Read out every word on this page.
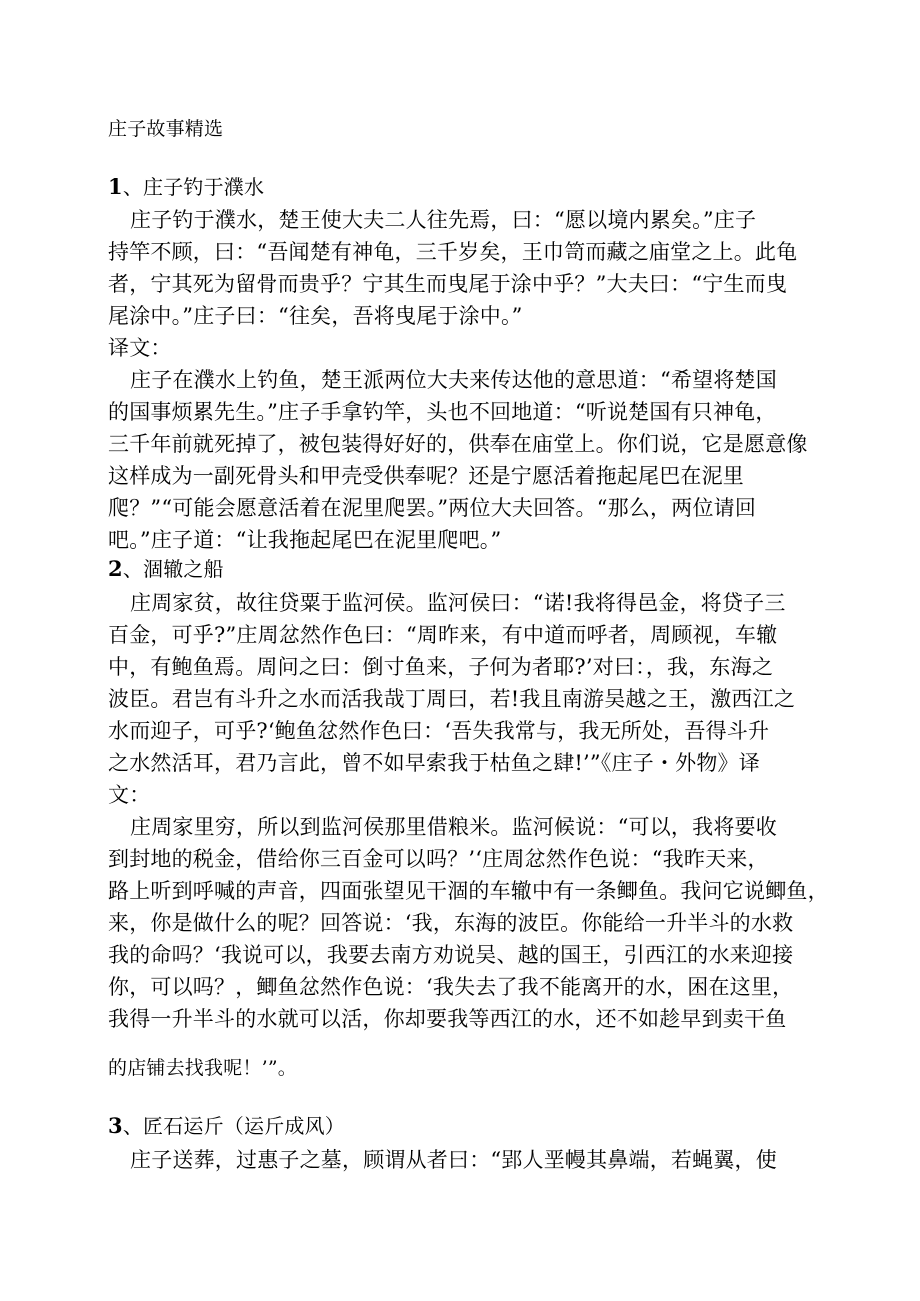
庄子故事精选
1、庄子钓于濮水
庄子钓于濮水，楚王使大夫二人往先焉，曰：“愿以境内累矣。”庄子
持竿不顾，曰：“吾闻楚有神龟，三千岁矣，王巾笥而藏之庙堂之上。此龟
者，宁其死为留骨而贵乎？宁其生而曳尾于涂中乎？”大夫曰：“宁生而曳
尾涂中。”庄子曰：“往矣，吾将曳尾于涂中。”
译文：
庄子在濮水上钓鱼，楚王派两位大夫来传达他的意思道：“希望将楚国
的国事烦累先生。”庄子手拿钓竿，头也不回地道：“听说楚国有只神龟，
三千年前就死掉了，被包装得好好的，供奉在庙堂上。你们说，它是愿意像
这样成为一副死骨头和甲壳受供奉呢？还是宁愿活着拖起尾巴在泥里
爬？”“可能会愿意活着在泥里爬罢。”两位大夫回答。“那么，两位请回
吧。”庄子道：“让我拖起尾巴在泥里爬吧。”
2、涸辙之船
庄周家贫，故往贷粟于监河侯。监河侯曰：“诺!我将得邑金，将贷子三
百金，可乎?”庄周忿然作色曰：“周昨来，有中道而呼者，周顾视，车辙
中，有鲍鱼焉。周问之曰：倒寸鱼来，子何为者耶?’对曰：，我，东海之
波臣。君岂有斗升之水而活我哉丁周曰，若!我且南游吴越之王，激西江之
水而迎子，可乎?‘鲍鱼忿然作色曰：‘吾失我常与，我无所处，吾得斗升
之水然活耳，君乃言此，曾不如早索我于枯鱼之肆!’”《庄子・外物》译
文：
庄周家里穷，所以到监河侯那里借粮米。监河候说：“可以，我将要收
到封地的税金，借给你三百金可以吗？’‘庄周忿然作色说：“我昨天来，
路上听到呼喊的声音，四面张望见干涸的车辙中有一条鲫鱼。我问它说鲫鱼，
来，你是做什么的呢？回答说：‘我，东海的波臣。你能给一升半斗的水救
我的命吗？‘我说可以，我要去南方劝说吴、越的国王，引西江的水来迎接
你，可以吗？，鲫鱼忿然作色说：‘我失去了我不能离开的水，困在这里，
我得一升半斗的水就可以活，你却要我等西江的水，还不如趁早到卖干鱼
的店铺去找我呢！’”。
3、匠石运斤（运斤成风）
庄子送葬，过惠子之墓，顾谓从者曰：“郢人垩幔其鼻端，若蝇翼，使
